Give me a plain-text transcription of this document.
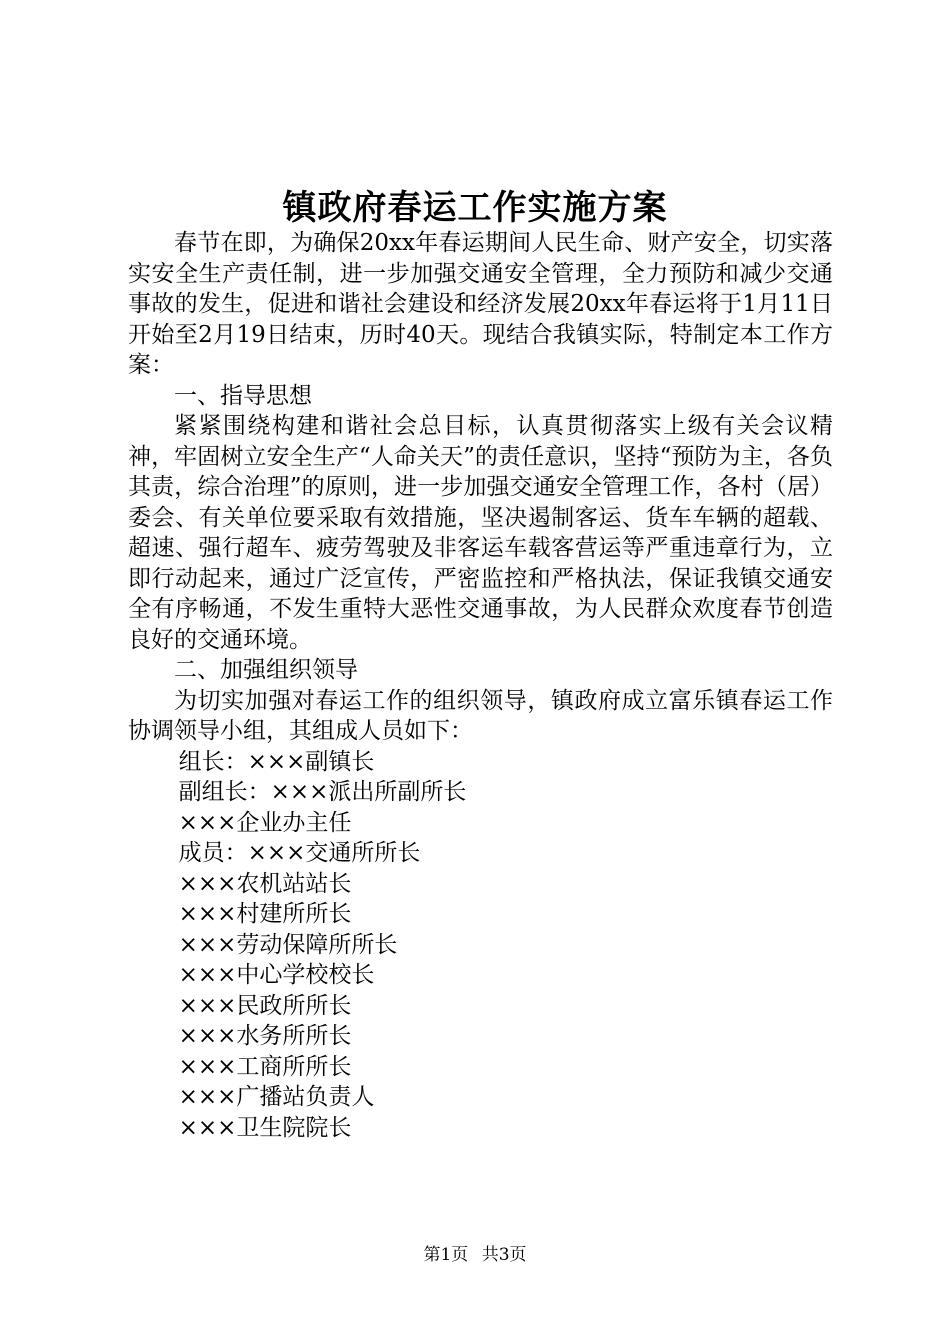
镇政府春运工作实施方案

春节在即，为确保20xx年春运期间人民生命、财产安全，切实落实安全生产责任制，进一步加强交通安全管理，全力预防和减少交通事故的发生，促进和谐社会建设和经济发展20xx年春运将于1月11日开始至2月19日结束，历时40天。现结合我镇实际，特制定本工作方案：

一、指导思想

紧紧围绕构建和谐社会总目标，认真贯彻落实上级有关会议精神，牢固树立安全生产“人命关天”的责任意识，坚持“预防为主，各负其责，综合治理”的原则，进一步加强交通安全管理工作，各村（居）委会、有关单位要采取有效措施，坚决遏制客运、货车车辆的超载、超速、强行超车、疲劳驾驶及非客运车载客营运等严重违章行为，立即行动起来，通过广泛宣传，严密监控和严格执法，保证我镇交通安全有序畅通，不发生重特大恶性交通事故，为人民群众欢度春节创造良好的交通环境。

二、加强组织领导

为切实加强对春运工作的组织领导，镇政府成立富乐镇春运工作协调领导小组，其组成人员如下：

组长：×××副镇长
副组长：×××派出所副所长
×××企业办主任
成员：×××交通所所长
×××农机站站长
×××村建所所长
×××劳动保障所所长
×××中心学校校长
×××民政所所长
×××水务所所长
×××工商所所长
×××广播站负责人
×××卫生院院长
第1页 共3页
